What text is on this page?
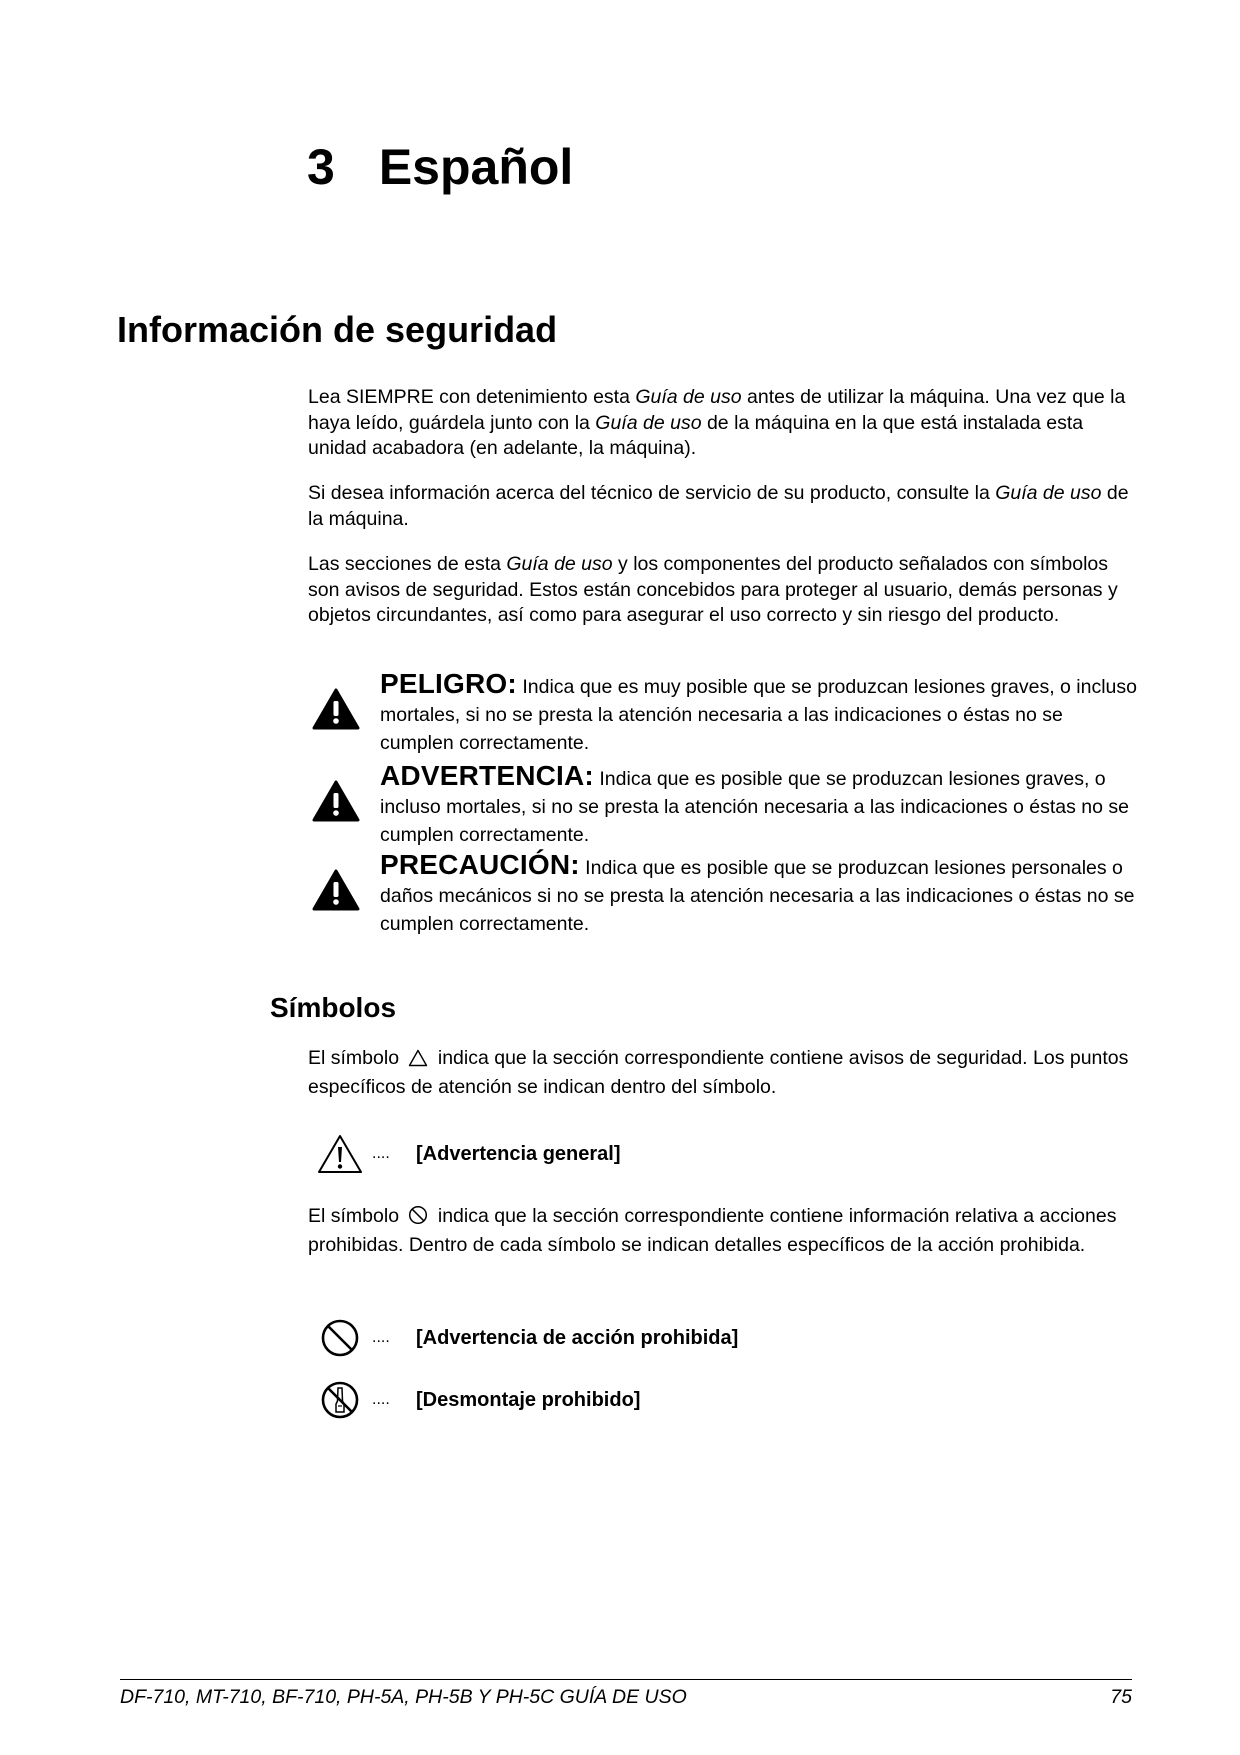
3 Español
Información de seguridad

Lea SIEMPRE con detenimiento esta Guía de uso antes de utilizar la máquina. Una vez que la haya leído, guárdela junto con la Guía de uso de la máquina en la que está instalada esta unidad acabadora (en adelante, la máquina).

Si desea información acerca del técnico de servicio de su producto, consulte la Guía de uso de la máquina.

Las secciones de esta Guía de uso y los componentes del producto señalados con símbolos son avisos de seguridad. Estos están concebidos para proteger al usuario, demás personas y objetos circundantes, así como para asegurar el uso correcto y sin riesgo del producto.

PELIGRO: Indica que es muy posible que se produzcan lesiones graves, o incluso mortales, si no se presta la atención necesaria a las indicaciones o éstas no se cumplen correctamente.
ADVERTENCIA: Indica que es posible que se produzcan lesiones graves, o incluso mortales, si no se presta la atención necesaria a las indicaciones o éstas no se cumplen correctamente.
PRECAUCIÓN: Indica que es posible que se produzcan lesiones personales o daños mecánicos si no se presta la atención necesaria a las indicaciones o éstas no se cumplen correctamente.
Símbolos

El símbolo  indica que la sección correspondiente contiene avisos de seguridad. Los puntos específicos de atención se indican dentro del símbolo.

....	[Advertencia general]

El símbolo  indica que la sección correspondiente contiene información relativa a acciones prohibidas. Dentro de cada símbolo se indican detalles específicos de la acción prohibida.

....	[Advertencia de acción prohibida]
....	[Desmontaje prohibido]
DF-710, MT-710, BF-710, PH-5A, PH-5B Y PH-5C GUÍA DE USO	75
